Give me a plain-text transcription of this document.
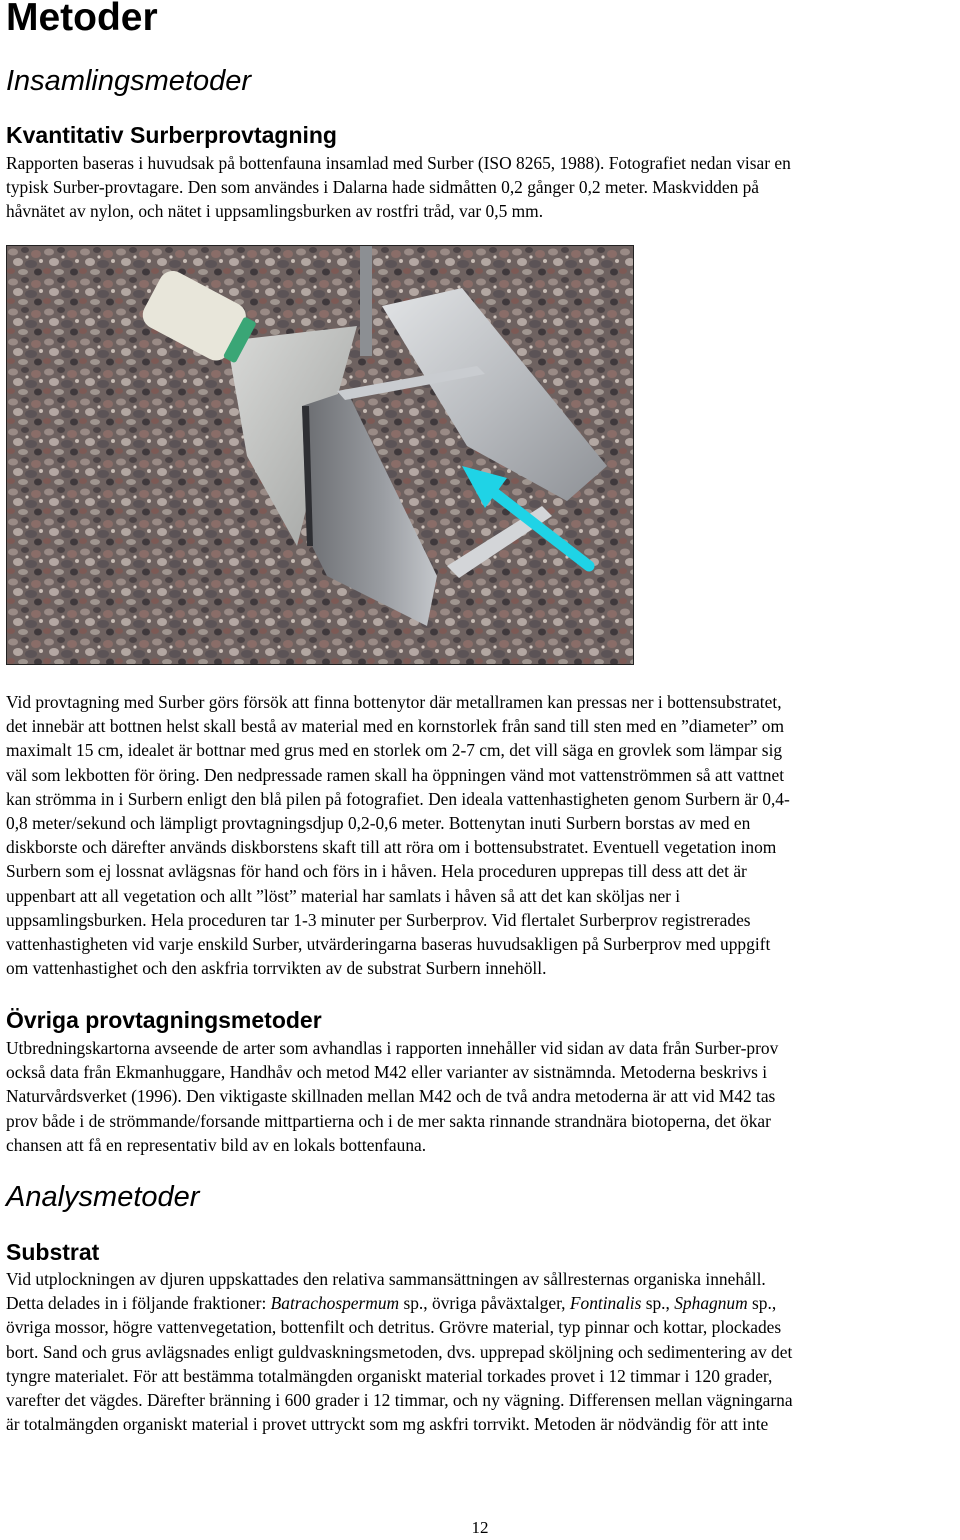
Metoder
Insamlingsmetoder
Kvantitativ Surberprovtagning
Rapporten baseras i huvudsak på bottenfauna insamlad med Surber (ISO 8265, 1988). Fotografiet nedan visar en
typisk Surber-provtagare. Den som användes i Dalarna hade sidmåtten 0,2 gånger 0,2 meter. Maskvidden på
håvnätet av nylon, och nätet i uppsamlingsburken av rostfri tråd, var 0,5 mm.
Vid provtagning med Surber görs försök att finna bottenytor där metallramen kan pressas ner i bottensubstratet,
det innebär att bottnen helst skall bestå av material med en kornstorlek från sand till sten med en ”diameter” om
maximalt 15 cm, idealet är bottnar med grus med en storlek om 2-7 cm, det vill säga en grovlek som lämpar sig
väl som lekbotten för öring. Den nedpressade ramen skall ha öppningen vänd mot vattenströmmen så att vattnet
kan strömma in i Surbern enligt den blå pilen på fotografiet. Den ideala vattenhastigheten genom Surbern är 0,4-
0,8 meter/sekund och lämpligt provtagningsdjup 0,2-0,6 meter. Bottenytan inuti Surbern borstas av med en
diskborste och därefter används diskborstens skaft till att röra om i bottensubstratet. Eventuell vegetation inom
Surbern som ej lossnat avlägsnas för hand och förs in i håven. Hela proceduren upprepas till dess att det är
uppenbart att all vegetation och allt ”löst” material har samlats i håven så att det kan sköljas ner i
uppsamlingsburken. Hela proceduren tar 1-3 minuter per Surberprov. Vid flertalet Surberprov registrerades
vattenhastigheten vid varje enskild Surber, utvärderingarna baseras huvudsakligen på Surberprov med uppgift
om vattenhastighet och den askfria torrvikten av de substrat Surbern innehöll.
Övriga provtagningsmetoder
Utbredningskartorna avseende de arter som avhandlas i rapporten innehåller vid sidan av data från Surber-prov
också data från Ekmanhuggare, Handhåv och metod M42 eller varianter av sistnämnda. Metoderna beskrivs i
Naturvårdsverket (1996). Den viktigaste skillnaden mellan M42 och de två andra metoderna är att vid M42 tas
prov både i de strömmande/forsande mittpartierna och i de mer sakta rinnande strandnära biotoperna, det ökar
chansen att få en representativ bild av en lokals bottenfauna.
Analysmetoder
Substrat
Vid utplockningen av djuren uppskattades den relativa sammansättningen av sållresternas organiska innehåll.
Detta delades in i följande fraktioner: Batrachospermum sp., övriga påväxtalger, Fontinalis sp., Sphagnum sp.,
övriga mossor, högre vattenvegetation, bottenfilt och detritus. Grövre material, typ pinnar och kottar, plockades
bort. Sand och grus avlägsnades enligt guldvaskningsmetoden, dvs. upprepad sköljning och sedimentering av det
tyngre materialet. För att bestämma totalmängden organiskt material torkades provet i 12 timmar i 120 grader,
varefter det vägdes. Därefter bränning i 600 grader i 12 timmar, och ny vägning. Differensen mellan vägningarna
är totalmängden organiskt material i provet uttryckt som mg askfri torrvikt. Metoden är nödvändig för att inte
12
